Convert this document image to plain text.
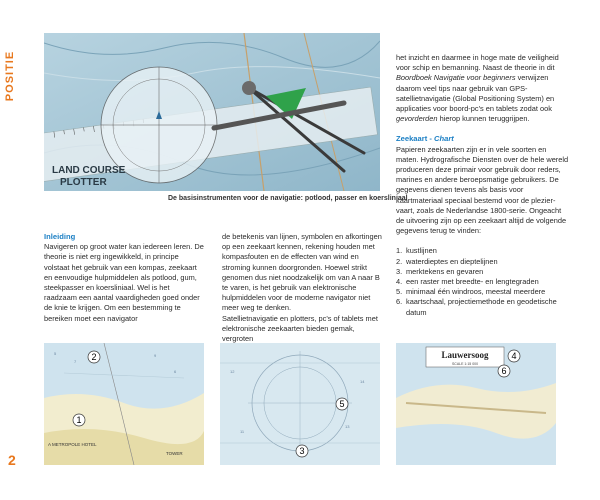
POSITIE
LAND COURSE
PLOTTER
De basisinstrumenten voor de navigatie: potlood, passer en koersliniaal
Inleiding

Navigeren op groot water kan iedereen leren. De theorie is niet erg ingewikkeld, in principe volstaat het gebruik van een kompas, zeekaart en eenvoudige hulpmiddelen als potlood, gum, steekpasser en koersliniaal. Wel is het raadzaam een aantal vaardigheden goed onder de knie te krijgen. Om een bestemming te bereiken moet een navigator

de betekenis van lijnen, symbolen en afkortingen op een zeekaart kennen, rekening houden met kompasfouten en de effecten van wind en stroming kunnen doorgronden. Hoewel strikt genomen dus niet noodzakelijk om van A naar B te varen, is het gebruik van elektronische hulpmiddelen voor de moderne navigator niet meer weg te denken.

Satellietnavigatie en plotters, pc's of tablets met elektronische zeekaarten bieden gemak, vergroten

het inzicht en daarmee in hoge mate de veiligheid voor schip en bemanning. Naast de theorie in dit Boordboek Navigatie voor beginners verwijzen daarom veel tips naar gebruik van GPS-satellietnavigatie (Global Positioning System) en applicaties voor boord-pc's en tablets zodat ook gevorderden hierop kunnen teruggrijpen.

Zeekaart - Chart

Papieren zeekaarten zijn er in vele soorten en maten. Hydrografische Diensten over de hele wereld produceren deze primair voor gebruik door reders, marines en andere beroepsmatige gebruikers. De gegevens dienen tevens als basis voor kaartmateriaal speciaal bestemd voor de pleziervaart, zoals de Nederlandse 1800-serie. Ongeacht de uitvoering zijn op een zeekaart altijd de volgende gegevens terug te vinden:

1. kustlijnen
2. waterdieptes en dieptelijnen
3. merktekens en gevaren
4. een raster met breedte- en lengtegraden
5. minimaal één windroos, meestal meerdere
6. kaartschaal, projectiemethode en geodetische datum
5
7
9
6
2
1
A METROPOLE HOTEL
TOWER
12
14
11
13
5
3
Lauwersoog
SCALE 1:15 000
4
6
2
